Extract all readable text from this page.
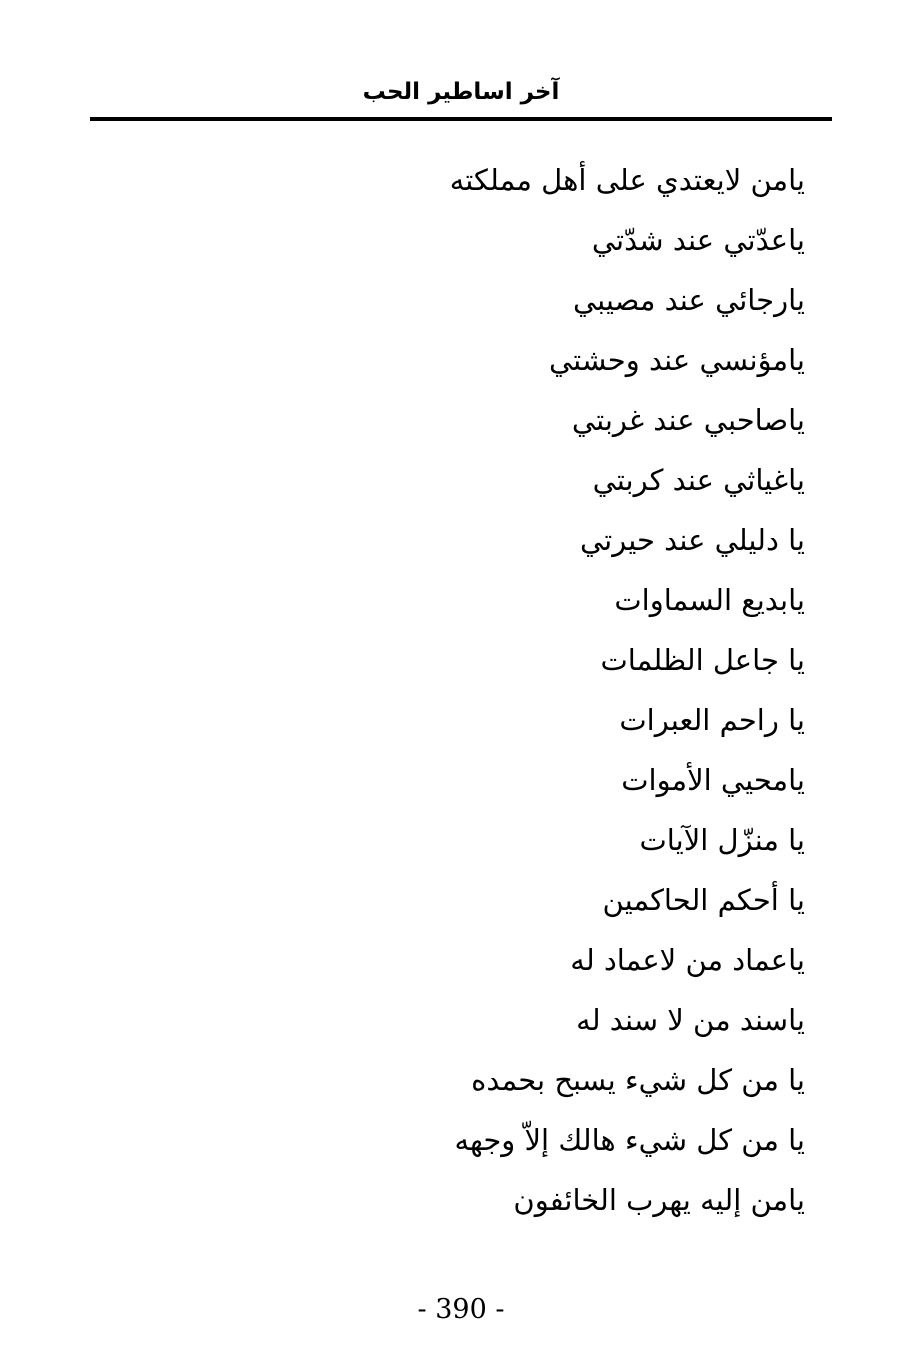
آخر اساطير الحب
يامن لايعتدي على أهل مملكته
ياعدّتي عند شدّتي
يارجائي عند مصيبي
يامؤنسي عند وحشتي
ياصاحبي عند غربتي
ياغياثي عند كربتي
يا دليلي عند حيرتي
يابديع السماوات
يا جاعل الظلمات
يا راحم العبرات
يامحيي الأموات
يا منزّل الآيات
يا أحكم الحاكمين
ياعماد من لاعماد له
ياسند من لا سند له
يا من كل شيء يسبح بحمده
يا من كل شيء هالك إلاّ وجهه
يامن إليه يهرب الخائفون
- 390 -
